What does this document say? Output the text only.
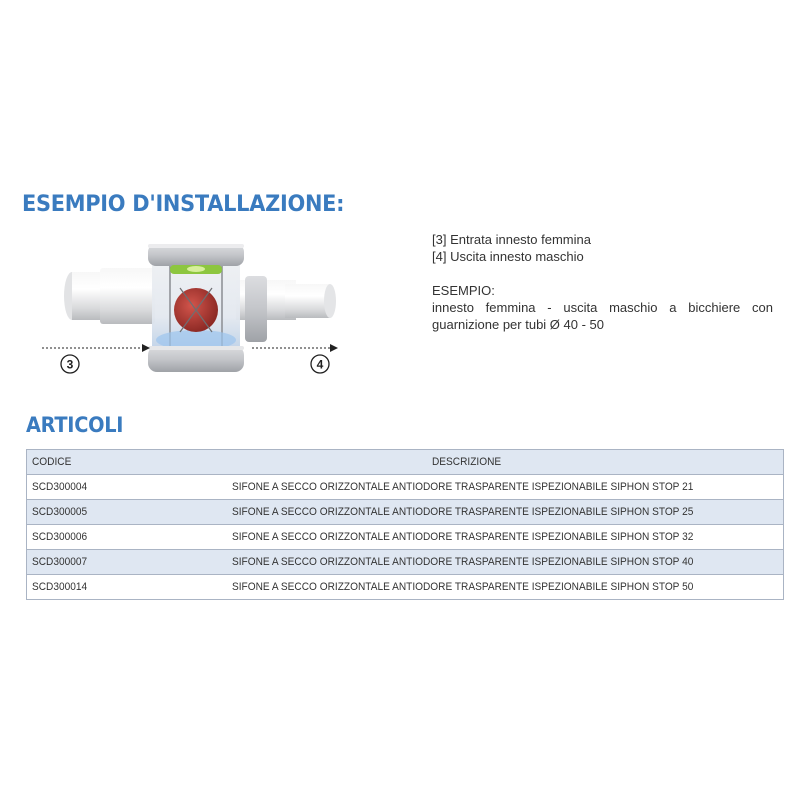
ESEMPIO D'INSTALLAZIONE:
3	4

[3] Entrata innesto femmina

[4] Uscita innesto maschio

ESEMPIO:

innesto femmina - uscita maschio a bicchiere con guarnizione per tubi Ø 40 - 50

ARTICOLI
CODICE	DESCRIZIONE
SCD300004	SIFONE A SECCO ORIZZONTALE ANTIODORE TRASPARENTE ISPEZIONABILE SIPHON STOP 21
SCD300005	SIFONE A SECCO ORIZZONTALE ANTIODORE TRASPARENTE ISPEZIONABILE SIPHON STOP 25
SCD300006	SIFONE A SECCO ORIZZONTALE ANTIODORE TRASPARENTE ISPEZIONABILE SIPHON STOP 32
SCD300007	SIFONE A SECCO ORIZZONTALE ANTIODORE TRASPARENTE ISPEZIONABILE SIPHON STOP 40
SCD300014	SIFONE A SECCO ORIZZONTALE ANTIODORE TRASPARENTE ISPEZIONABILE SIPHON STOP 50
